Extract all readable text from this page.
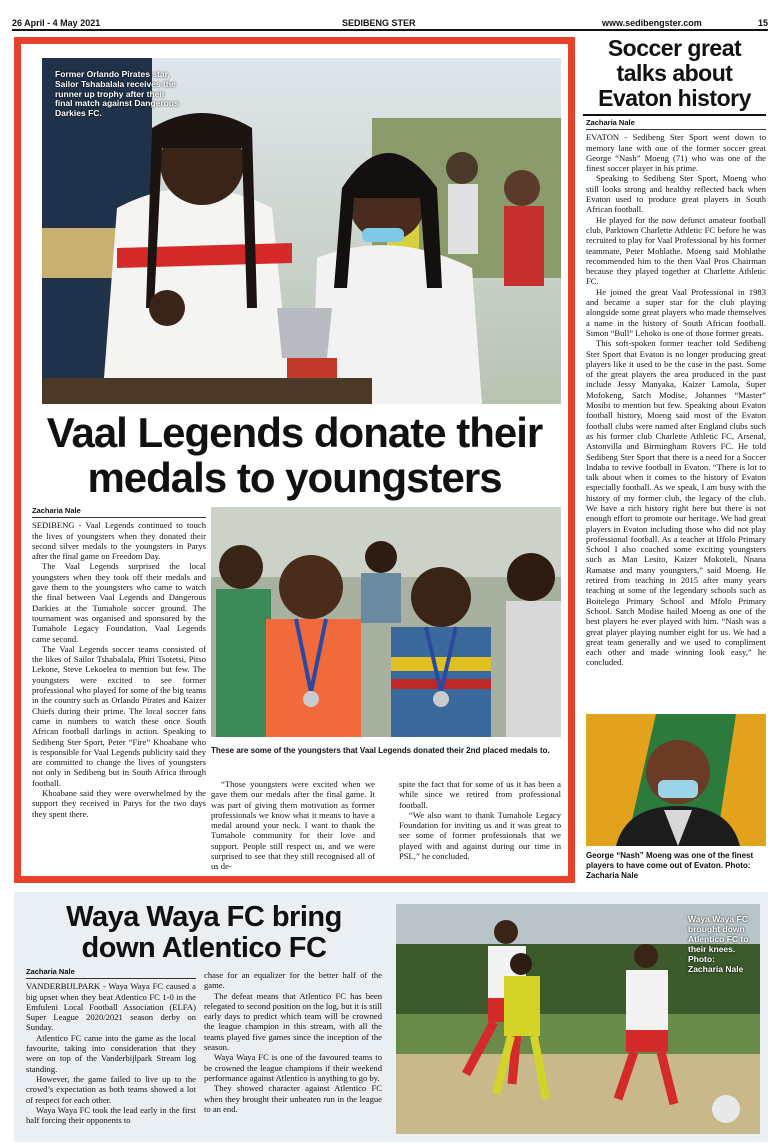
26 April - 4 May 2021	SEDIBENG STER	www.sedibengster.com	15
Former Orlando Pirates star, Sailor Tshabalala receives the runner up trophy after their final match against Dangerous Darkies FC.
Vaal Legends donate their medals to youngsters
Zacharia Nale

SEDIBENG - Vaal Legends continued to touch the lives of youngsters when they donated their second silver medals to the youngsters in Parys after the final game on Freedom Day.

The Vaal Legends surprised the local youngsters when they took off their medals and gave them to the youngsters who came to watch the final between Vaal Legends and Dangerous Darkies at the Tumahole soccer ground. The tournament was organised and sponsored by the Tumahole Legacy Foundation. Vaal Legends came second.

The Vaal Legends soccer teams consisted of the likes of Sailor Tshabalala, Phiri Tsotetsi, Pitso Lekone, Steve Lekoelea to mention but few. The youngsters were excited to see former professional who played for some of the big teams in the country such as Orlando Pirates and Kaizer Chiefs during their prime. The local soccer fans came in numbers to watch these once South African football darlings in action. Speaking to Sedibeng Ster Sport, Peter “Fire” Khoabane who is responsible for Vaal Legends publicity said they are committed to change the lives of youngsters not only in Sedibeng but in South Africa through football.

Khoabane said they were overwhelmed by the support they received in Parys for the two days they spent there.

These are some of the youngsters that Vaal Legends donated their 2nd placed medals to.

“Those youngsters were excited when we gave them our medals after the final game. It was part of giving them motivation as former professionals we know what it means to have a medal around your neck. I want to thank the Tumahole community for their love and support. People still respect us, and we were surprised to see that they still recognised all of us de-

spite the fact that for some of us it has been a while since we retired from professional football.

“We also want to thank Tumahole Legacy Foundation for inviting us and it was great to see some of former professionals that we played with and against during our time in PSL,” he concluded.

Soccer great talks about Evaton history
Zacharia Nale

EVATON - Sedibeng Ster Sport went down to memory lane with one of the former soccer great George “Nash” Moeng (71) who was one of the finest soccer player in his prime.

Speaking to Sedibeng Ster Sport, Moeng who still looks strong and healthy reflected back when Evaton used to produce great players in South African football.

He played for the now defunct amateur football club, Parktown Charlette Athletic FC before he was recruited to play for Vaal Professional by his former teammate, Peter Mohlathe. Moeng said Mohlathe recommended him to the then Vaal Pros Chairman because they played together at Charlette Athletic FC.

He joined the great Vaal Professional in 1983 and became a super star for the club playing alongside some great players who made themselves a name in the history of South African football. Simon “Bull” Lehoko is one of those former greats.

This soft-spoken former teacher told Sedibeng Ster Sport that Evaton is no longer producing great players like it used to be the case in the past. Some of the great players the area produced in the past include Jessy Manyaka, Kaizer Lamola, Super Mofokeng, Satch Modise, Johannes “Master” Mosibi to mention but few. Speaking about Evaton football history, Moeng said most of the Evaton football clubs were named after England clubs such as his former club Charlette Athletic FC, Arsenal, Astonvilla and Birmingham Rovers FC. He told Sedibeng Ster Sport that there is a need for a Soccer Indaba to revive football in Evaton. “There is lot to talk about when it comes to the history of Evaton especially football. As we speak, I am busy with the history of my former club, the legacy of the club. We have a rich history right here but there is not enough effort to promote our heritage. We had great players in Evaton including those who did not play professional football. As a teacher at Iffolo Primary School I also coached some exciting youngsters such as Man Lesito, Kaizer Mokoteli, Nnana Ramatse and many youngsters,” said Moeng. He retired from teaching in 2015 after many years teaching at some of the legendary schools such as Boitelego Primary School and Mfolo Primary School. Satch Modise hailed Moeng as one of the best players he ever played with him. “Nash was a great player playing number eight for us. We had a great team generally and we used to compliment each other and made winning look easy,” he concluded.

George “Nash” Moeng was one of the finest players to have come out of Evaton. Photo: Zacharia Nale
Waya Waya FC bring down Atlentico FC
Zacharia Nale

VANDERBIJLPARK - Waya Waya FC caused a big upset when they beat Atlentico FC 1-0 in the Emfuleni Local Football Association (ELFA) Super League 2020/2021 season derby on Sunday.

Atlentico FC came into the game as the local favourite, taking into consideration that they were on top of the Vanderbijlpark Stream log standing.

However, the game failed to live up to the crowd’s expectation as both teams showed a lot of respect for each other.

Waya Waya FC took the lead early in the first half forcing their opponents to

chase for an equalizer for the better half of the game.

The defeat means that Atlentico FC has been relegated to second position on the log, but it is still early days to predict which team will be crowned the league champion in this stream, with all the teams played five games since the inception of the season.

Waya Waya FC is one of the favoured teams to be crowned the league champions if their weekend performance against Atlentico is anything to go by.

They showed character against Atlentico FC when they brought their unbeaten run in the league to an end.

Waya Waya FC brought down Atlentico FC to their knees. Photo: Zacharia Nale
